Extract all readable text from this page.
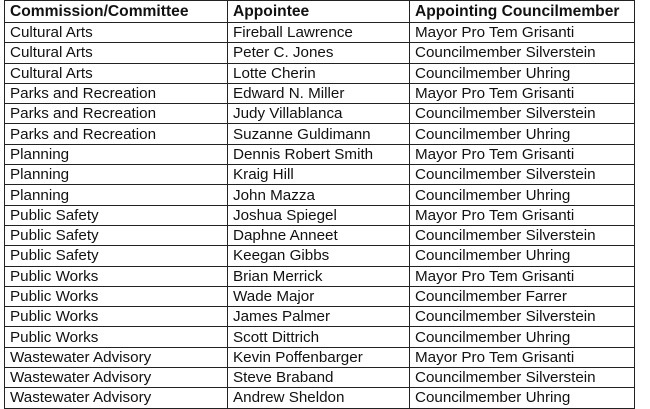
Commission/Committee	Appointee	Appointing Councilmember
Cultural Arts	Fireball Lawrence	Mayor Pro Tem Grisanti
Cultural Arts	Peter C. Jones	Councilmember Silverstein
Cultural Arts	Lotte Cherin	Councilmember Uhring
Parks and Recreation	Edward N. Miller	Mayor Pro Tem Grisanti
Parks and Recreation	Judy Villablanca	Councilmember Silverstein
Parks and Recreation	Suzanne Guldimann	Councilmember Uhring
Planning	Dennis Robert Smith	Mayor Pro Tem Grisanti
Planning	Kraig Hill	Councilmember Silverstein
Planning	John Mazza	Councilmember Uhring
Public Safety	Joshua Spiegel	Mayor Pro Tem Grisanti
Public Safety	Daphne Anneet	Councilmember Silverstein
Public Safety	Keegan Gibbs	Councilmember Uhring
Public Works	Brian Merrick	Mayor Pro Tem Grisanti
Public Works	Wade Major	Councilmember Farrer
Public Works	James Palmer	Councilmember Silverstein
Public Works	Scott Dittrich	Councilmember Uhring
Wastewater Advisory	Kevin Poffenbarger	Mayor Pro Tem Grisanti
Wastewater Advisory	Steve Braband	Councilmember Silverstein
Wastewater Advisory	Andrew Sheldon	Councilmember Uhring
